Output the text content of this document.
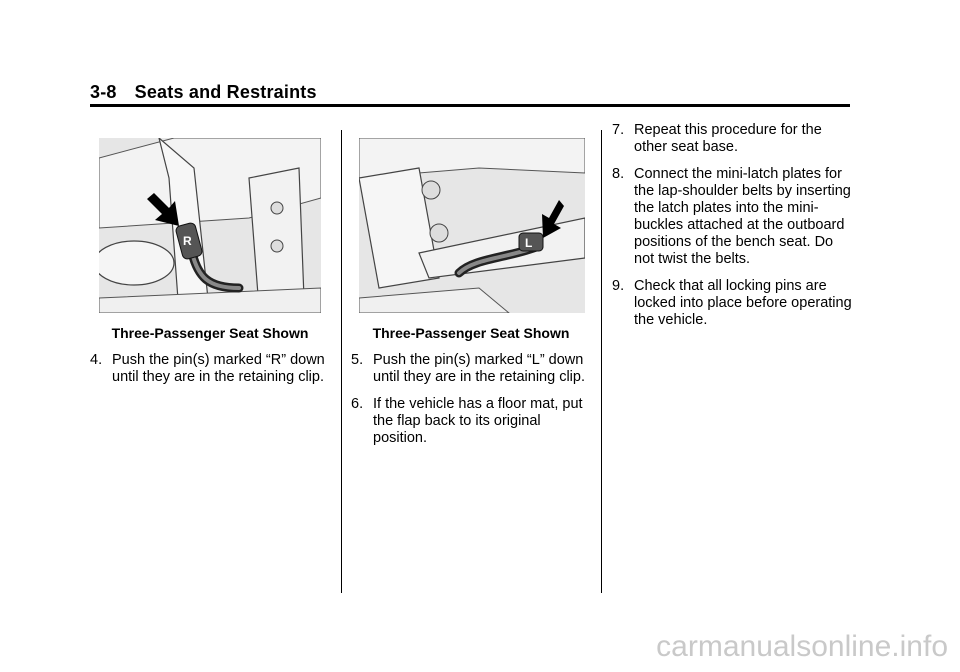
3-8 Seats and Restraints
R
Three-Passenger Seat Shown
4. Push the pin(s) marked “R” down until they are in the retaining clip.
L
Three-Passenger Seat Shown
5. Push the pin(s) marked “L” down until they are in the retaining clip.
6. If the vehicle has a floor mat, put the flap back to its original position.
7. Repeat this procedure for the other seat base.
8. Connect the mini-latch plates for the lap-shoulder belts by inserting the latch plates into the mini-buckles attached at the outboard positions of the bench seat. Do not twist the belts.
9. Check that all locking pins are locked into place before operating the vehicle.
carmanualsonline.info
